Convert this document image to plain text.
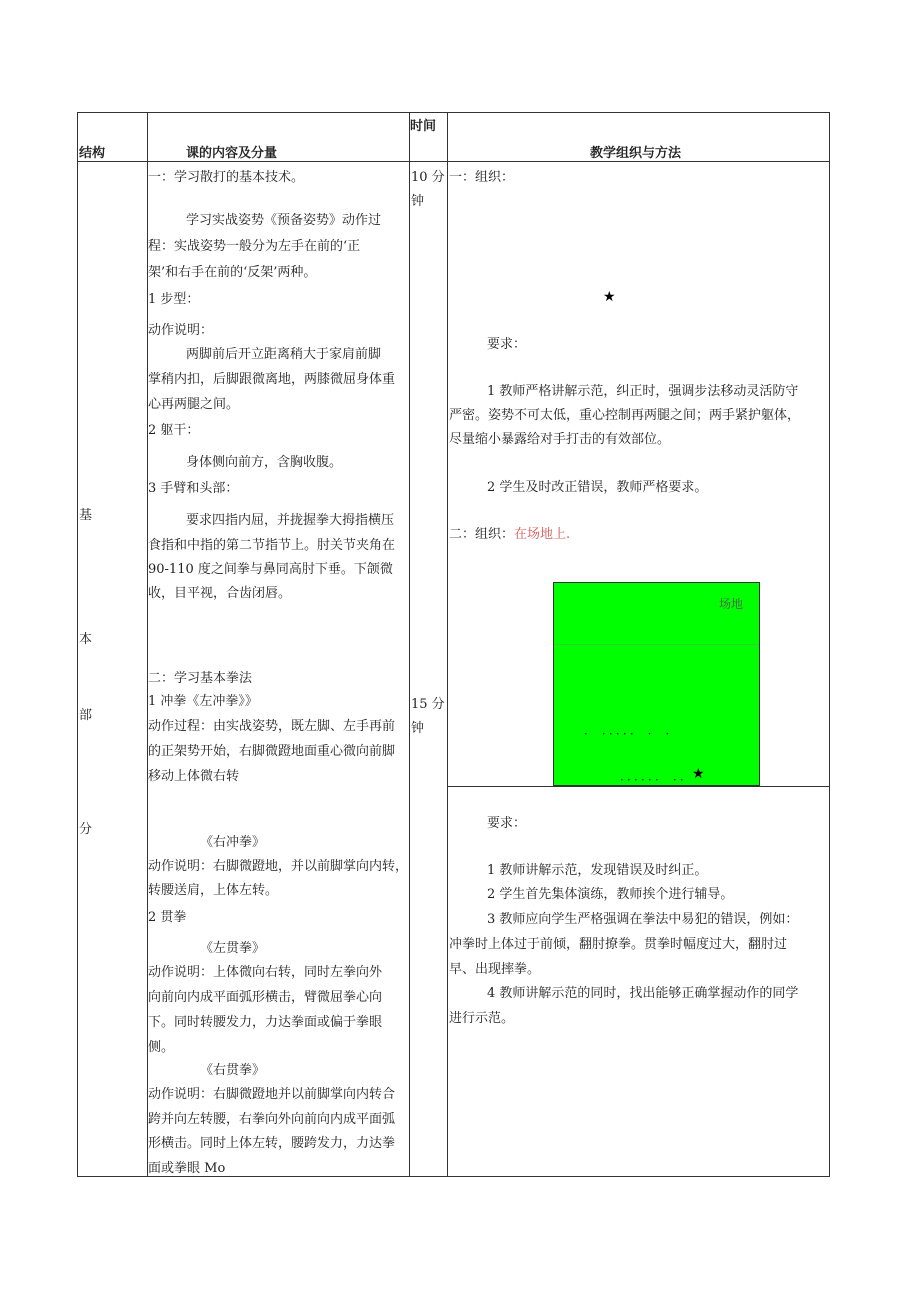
结构	课的内容及分量
时间
教学组织与方法
基
本
部
分
10 分
钟
15 分
钟
一：学习散打的基本技术。
学习实战姿势《预备姿势》动作过
程：实战姿势一般分为左手在前的‘正
架’和右手在前的‘反架’两种。
1 步型：
动作说明：
两脚前后开立距离稍大于家肩前脚
掌稍内扣，后脚跟微离地，两膝微屈身体重
心再两腿之间。
2 躯干：
身体侧向前方，含胸收腹。
3 手臂和头部：
要求四指内屈，并拢握拳大拇指横压
食指和中指的第二节指节上。肘关节夹角在
90-110 度之间拳与鼻同高肘下垂。下颌微
收，目平视，合齿闭唇。
二：学习基本拳法
1 冲拳《左冲拳》》
动作过程：由实战姿势，既左脚、左手再前
的正架势开始，右脚微蹬地面重心微向前脚
移动上体微右转
《右冲拳》
动作说明：右脚微蹬地，并以前脚掌向内转，
转腰送肩，上体左转。
2 贯拳
《左贯拳》
动作说明：上体微向右转，同时左拳向外
向前向内成平面弧形横击，臂微屈拳心向
下。同时转腰发力，力达拳面或偏于拳眼
侧。
《右贯拳》
动作说明：右脚微蹬地并以前脚掌向内转合
跨并向左转腰，右拳向外向前向内成平面弧
形横击。同时上体左转，腰跨发力，力达拳
面或拳眼 Mo
一：组织：
★
要求：
1 教师严格讲解示范，纠正时，强调步法移动灵活防守
严密。姿势不可太低，重心控制再两腿之间；两手紧护躯体，
尽量缩小暴露给对手打击的有效部位。
2 学生及时改正错误，教师严格要求。
二：组织：在场地上.
场地
． ．．．．． ． ．
．．．．．． ．． ★
要求：
1 教师讲解示范，发现错误及时纠正。
2 学生首先集体演练，教师挨个进行辅导。
3 教师应向学生严格强调在拳法中易犯的错误，例如：
冲拳时上体过于前倾，翻肘撩拳。贯拳时幅度过大，翻肘过
早、出现摔拳。
4 教师讲解示范的同时，找出能够正确掌握动作的同学
进行示范。
